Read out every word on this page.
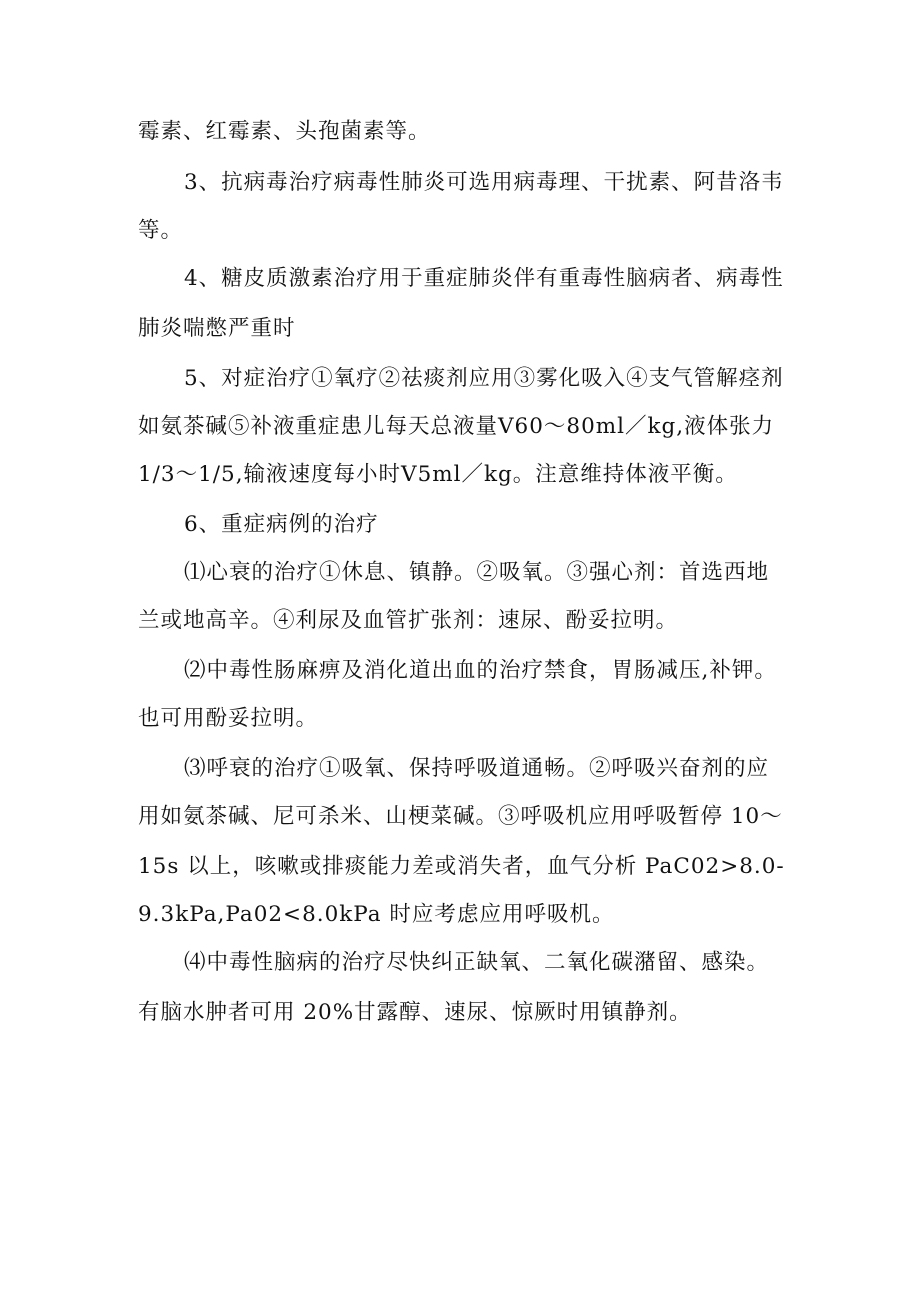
霉素、红霉素、头孢菌素等。
3、抗病毒治疗病毒性肺炎可选用病毒理、干扰素、阿昔洛韦
等。
4、糖皮质激素治疗用于重症肺炎伴有重毒性脑病者、病毒性
肺炎喘憋严重时
5、对症治疗①氧疗②祛痰剂应用③雾化吸入④支气管解痉剂
如氨茶碱⑤补液重症患儿每天总液量V60～80ml／kg,液体张力
1/3～1/5,输液速度每小时V5ml／kg。注意维持体液平衡。
6、重症病例的治疗
⑴心衰的治疗①休息、镇静。②吸氧。③强心剂：首选西地
兰或地高辛。④利尿及血管扩张剂：速尿、酚妥拉明。
⑵中毒性肠麻痹及消化道出血的治疗禁食，胃肠减压,补钾。
也可用酚妥拉明。
⑶呼衰的治疗①吸氧、保持呼吸道通畅。②呼吸兴奋剂的应
用如氨茶碱、尼可杀米、山梗菜碱。③呼吸机应用呼吸暂停 10～
15s 以上，咳嗽或排痰能力差或消失者，血气分析 PaC02>8.0-
9.3kPa,Pa02<8.0kPa 时应考虑应用呼吸机。
⑷中毒性脑病的治疗尽快纠正缺氧、二氧化碳潴留、感染。
有脑水肿者可用 20%甘露醇、速尿、惊厥时用镇静剂。
